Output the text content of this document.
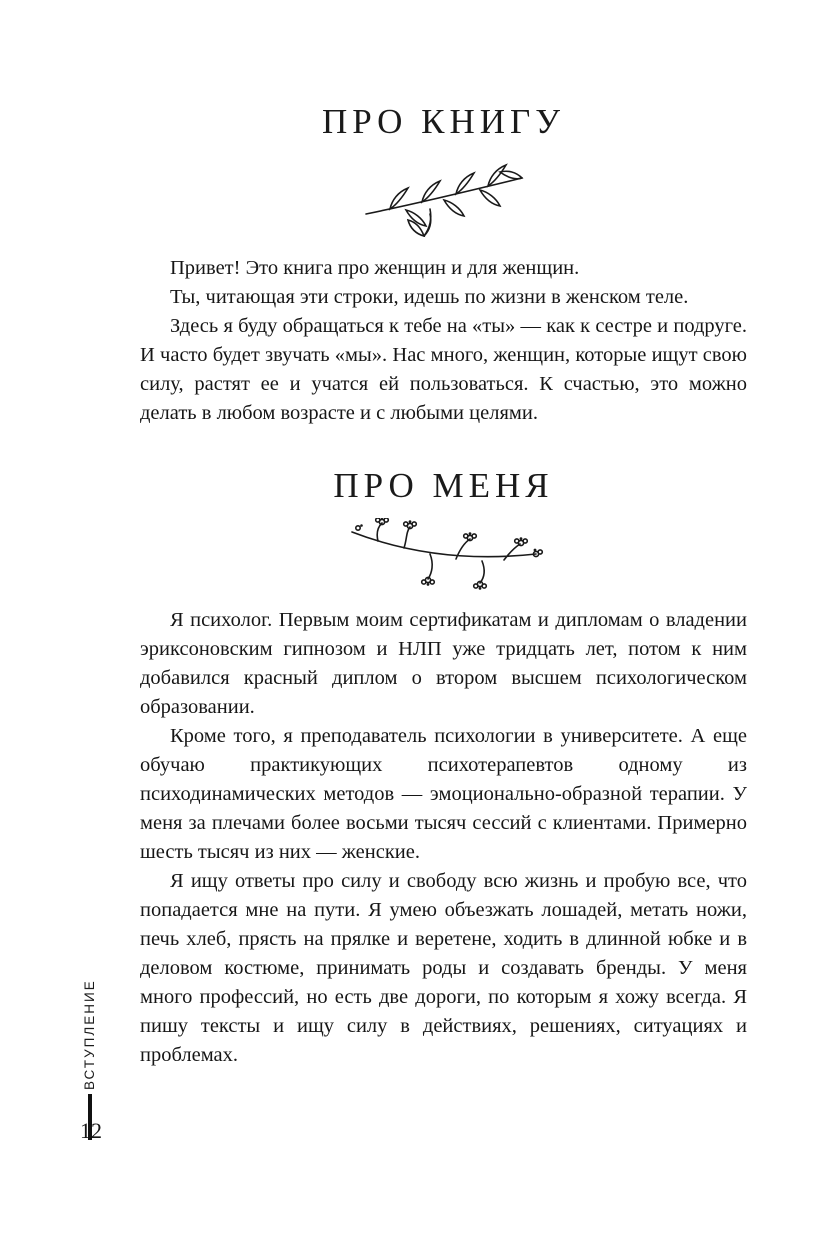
ПРО КНИГУ

Привет! Это книга про женщин и для женщин.

Ты, читающая эти строки, идешь по жизни в женском теле.

Здесь я буду обращаться к тебе на «ты» — как к сестре и подруге. И часто будет звучать «мы». Нас много, женщин, которые ищут свою силу, растят ее и учатся ей пользоваться. К счастью, это можно делать в любом возрасте и с любыми целями.

ПРО МЕНЯ

Я психолог. Первым моим сертификатам и дипломам о владении эриксоновским гипнозом и НЛП уже тридцать лет, потом к ним добавился красный диплом о втором высшем психологическом образовании.

Кроме того, я преподаватель психологии в университете. А еще обучаю практикующих психотерапевтов одному из психодинамических методов — эмоционально-образной терапии. У меня за плечами более восьми тысяч сессий с клиентами. Примерно шесть тысяч из них — женские.

Я ищу ответы про силу и свободу всю жизнь и пробую все, что попадается мне на пути. Я умею объезжать лошадей, метать ножи, печь хлеб, прясть на прялке и веретене, ходить в длинной юбке и в деловом костюме, принимать роды и создавать бренды. У меня много профессий, но есть две дороги, по которым я хожу всегда. Я пишу тексты и ищу силу в действиях, решениях, ситуациях и проблемах.

ВСТУПЛЕНИЕ
12
